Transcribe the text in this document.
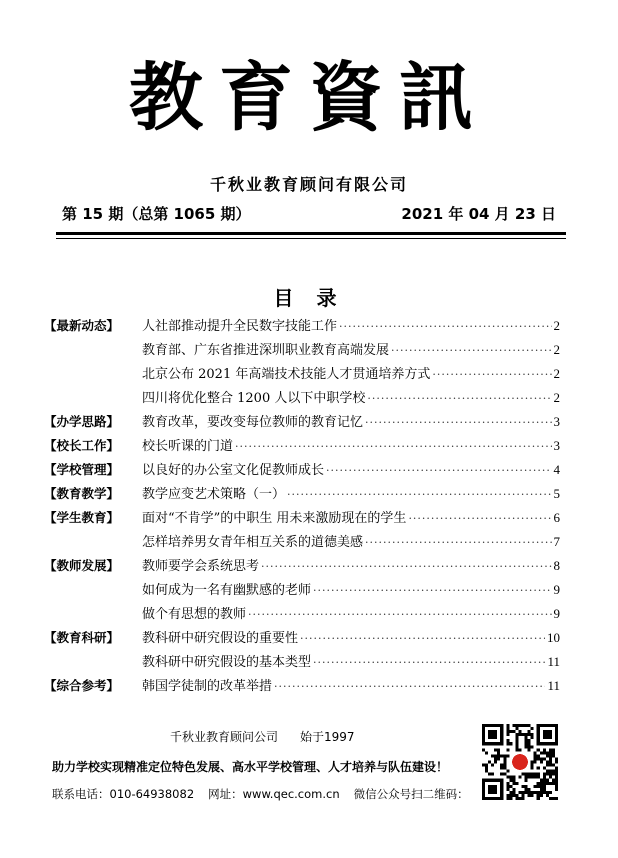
教育資訊
千秋业教育顾问有限公司
第 15 期（总第 1065 期）	2021 年 04 月 23 日
目 录
【最新动态】	人社部推动提升全民数字技能工作 ·····	2
教育部、广东省推进深圳职业教育高端发展 ·····	2
北京公布 2021 年高端技术技能人才贯通培养方式 ·····	2
四川将优化整合 1200 人以下中职学校 ·····	2
【办学思路】	教育改革，要改变每位教师的教育记忆 ·····	3
【校长工作】	校长听课的门道 ·····	3
【学校管理】	以良好的办公室文化促教师成长 ·····	4
【教育教学】	教学应变艺术策略（一） ·····	5
【学生教育】	面对“不肯学”的中职生 用未来激励现在的学生 ·····	6
怎样培养男女青年相互关系的道德美感 ·····	7
【教师发展】	教师要学会系统思考 ·····	8
如何成为一名有幽默感的老师 ·····	9
做个有思想的教师 ·····	9
【教育科研】	教科研中研究假设的重要性 ·····	10
教科研中研究假设的基本类型 ·····	11
【综合参考】	韩国学徒制的改革举措 ·····	11
千秋业教育顾问公司 始于1997
助力学校实现精准定位特色发展、高水平学校管理、人才培养与队伍建设！
联系电话：010-64938082 网址：www.qec.com.cn 微信公众号扫二维码：
